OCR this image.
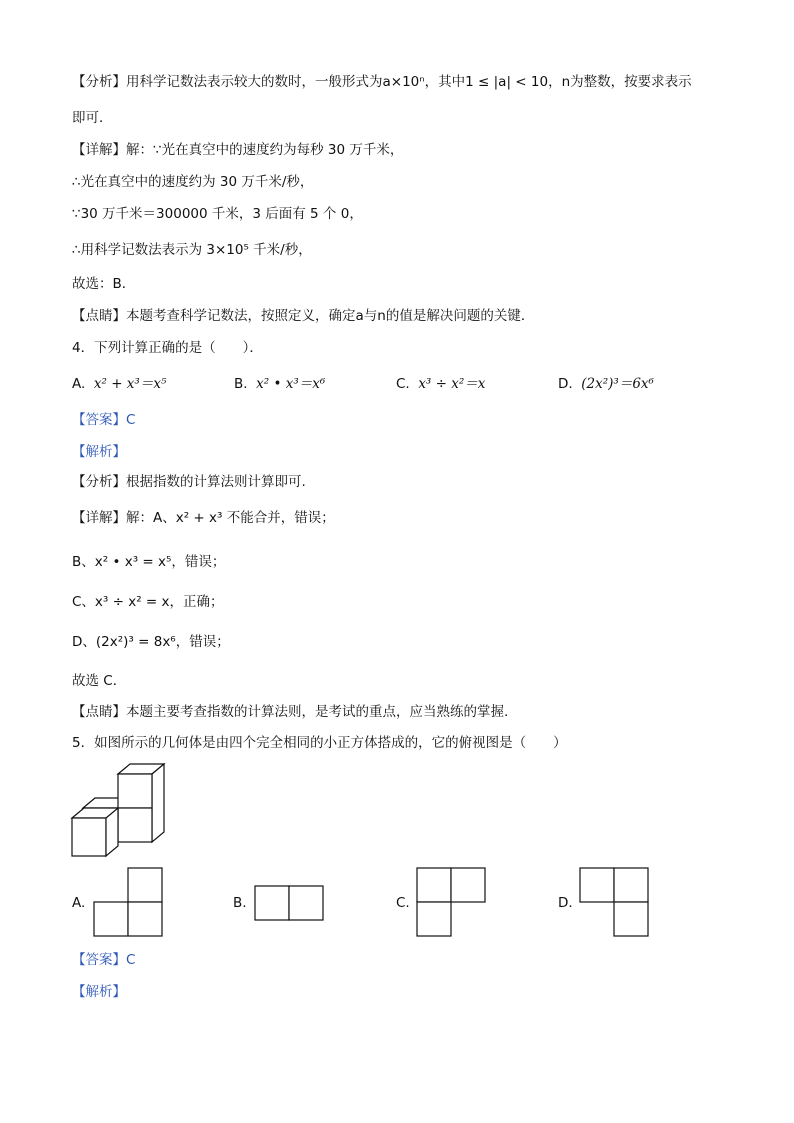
【分析】用科学记数法表示较大的数时，一般形式为a×10ⁿ，其中1 ≤ |a| < 10，n为整数，按要求表示
即可．
【详解】解：∵光在真空中的速度约为每秒 30 万千米，
∴光在真空中的速度约为 30 万千米/秒，
∵30 万千米＝300000 千米，3 后面有 5 个 0，
∴用科学记数法表示为 3×10⁵ 千米/秒，
故选：B．
【点睛】本题考查科学记数法，按照定义，确定a与n的值是解决问题的关键．
4．下列计算正确的是（　　）．
A. x² + x³＝x⁵	B. x² • x³＝x⁶	C. x³ ÷ x²＝x	D. (2x²)³＝6x⁶
【答案】C
【解析】
【分析】根据指数的计算法则计算即可.
【详解】解：A、x² + x³ 不能合并，错误；
B、x² • x³ = x⁵，错误；
C、x³ ÷ x² = x，正确；
D、(2x²)³ = 8x⁶，错误；
故选 C．
【点睛】本题主要考查指数的计算法则，是考试的重点，应当熟练的掌握.
5．如图所示的几何体是由四个完全相同的小正方体搭成的，它的俯视图是（　　）
A.	B.	C.	D.
【答案】C
【解析】
